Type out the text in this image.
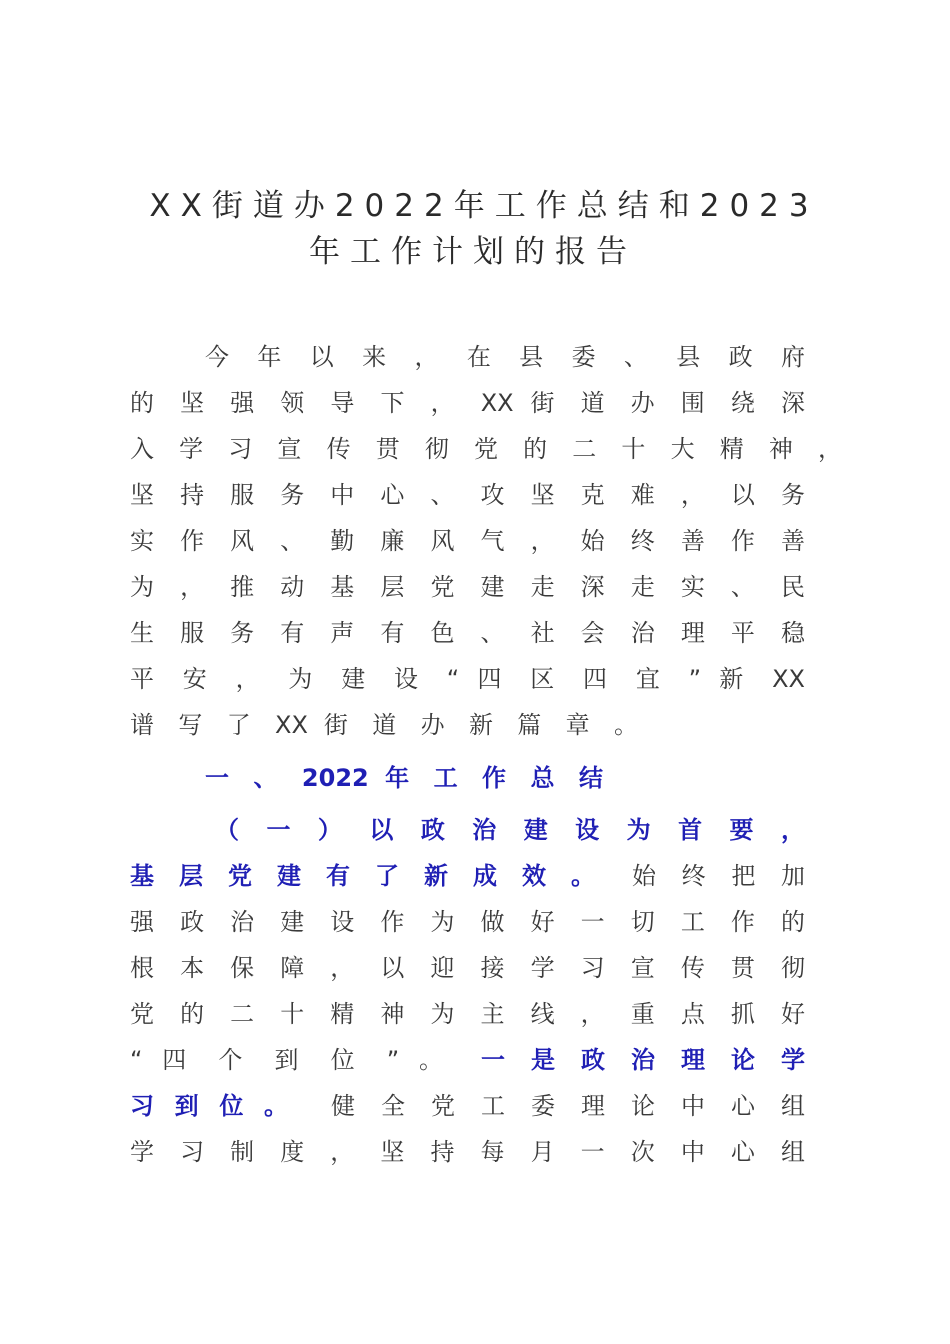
XX街道办2022年工作总结和2023
年工作计划的报告
今 年 以 来 ， 在 县 委 、 县 政 府
的 坚 强 领 导 下 ， XX 街 道 办 围 绕 深
入 学 习 宣 传 贯 彻 党 的 二 十 大 精 神 ，
坚 持 服 务 中 心 、 攻 坚 克 难 ， 以 务
实 作 风 、 勤 廉 风 气 ， 始 终 善 作 善
为 ， 推 动 基 层 党 建 走 深 走 实 、 民
生 服 务 有 声 有 色 、 社 会 治 理 平 稳
平 安 ， 为 建 设 “ 四 区 四 宜 ” 新 XX
谱 写 了 XX 街 道 办 新 篇 章 。
一 、 2022 年 工 作 总 结
（ 一 ） 以 政 治 建 设 为 首 要 ，
基 层 党 建 有 了 新 成 效 。 始 终 把 加
强 政 治 建 设 作 为 做 好 一 切 工 作 的
根 本 保 障 ， 以 迎 接 学 习 宣 传 贯 彻
党 的 二 十 精 神 为 主 线 ， 重 点 抓 好
“ 四 个 到 位 ” 。 一 是 政 治 理 论 学
习 到 位 。 健 全 党 工 委 理 论 中 心 组
学 习 制 度 ， 坚 持 每 月 一 次 中 心 组
